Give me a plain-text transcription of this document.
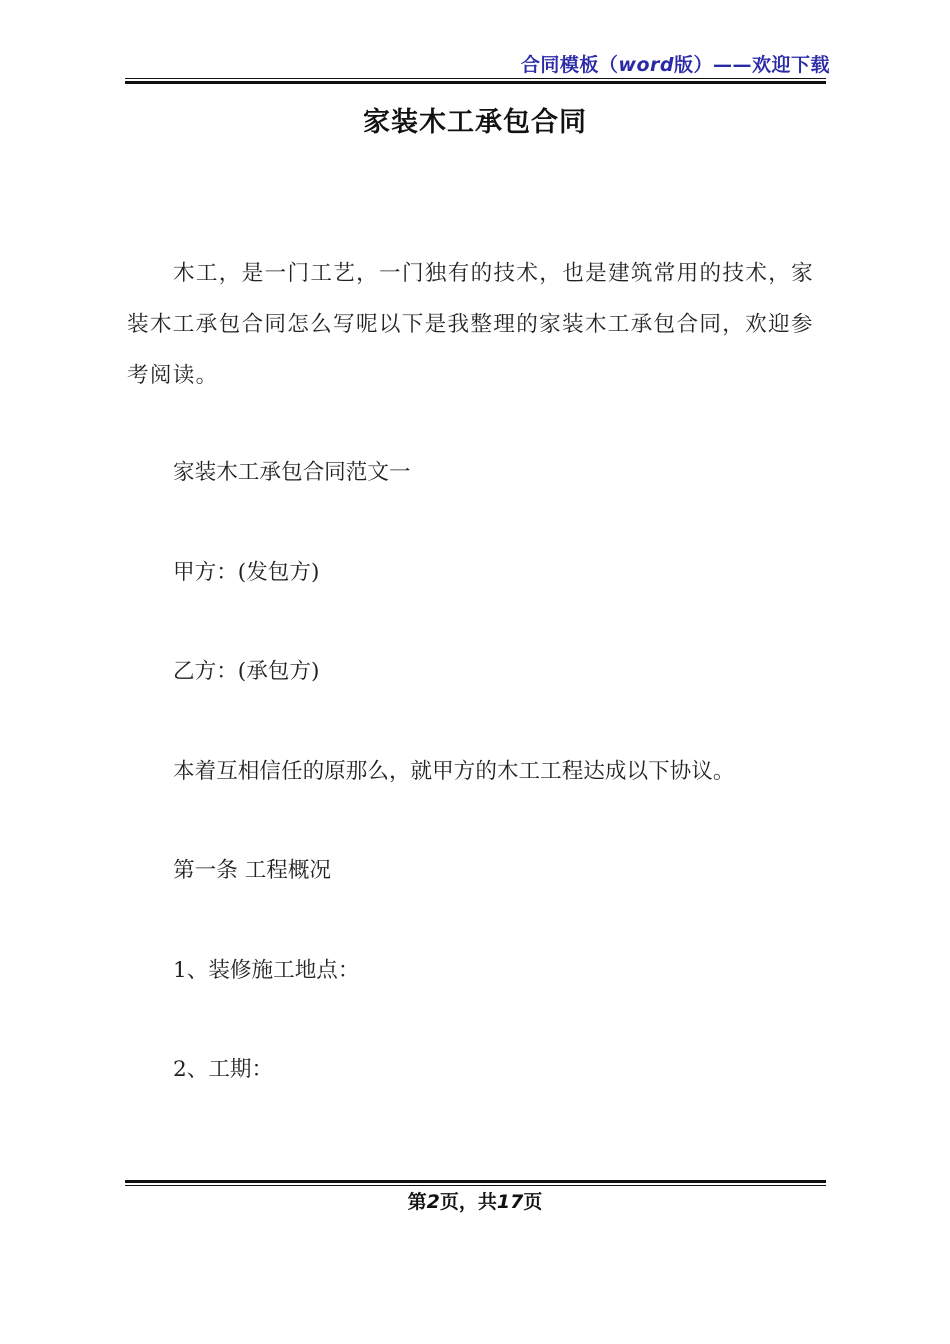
合同模板（word版）——欢迎下载
家装木工承包合同
木工，是一门工艺，一门独有的技术，也是建筑常用的技术，家装木工承包合同怎么写呢以下是我整理的家装木工承包合同，欢迎参考阅读。
家装木工承包合同范文一
甲方：(发包方)
乙方：(承包方)
本着互相信任的原那么，就甲方的木工工程达成以下协议。
第一条 工程概况
1、装修施工地点：
2、工期：
第2页，共17页
